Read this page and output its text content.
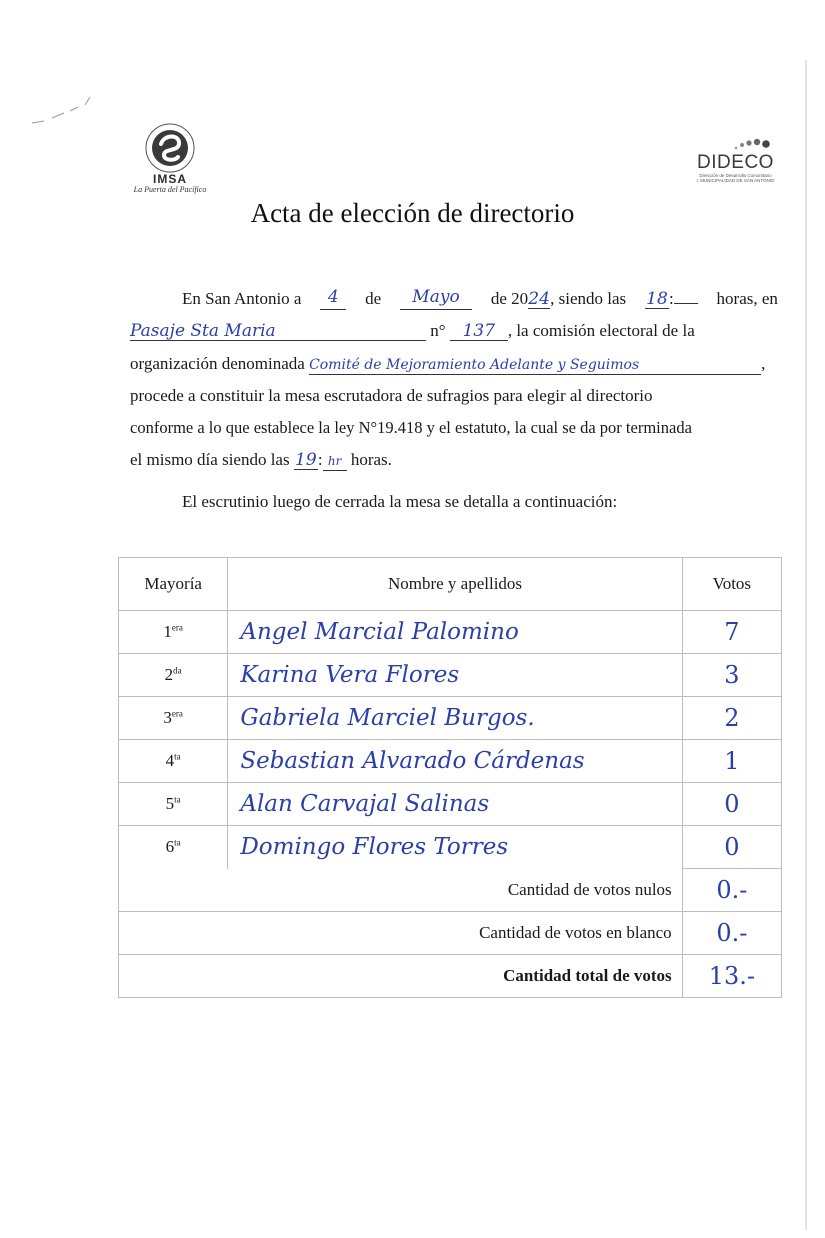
IMSA
La Puerta del Pacífico
DIDECO
Dirección de Desarrollo Comunitario
I. MUNICIPALIDAD DE SAN ANTONIO
Acta de elección de directorio
En San Antonio a	4	de	Mayo	de 2024, siendo las 18:	horas, en
Pasaje Sta Maria	n° 137 , la comisión electoral de la
organización denominada Comité de Mejoramiento Adelante y Seguimos	,
procede a constituir la mesa escrutadora de sufragios para elegir al directorio
conforme a lo que establece la ley N°19.418 y el estatuto, la cual se da por terminada
el mismo día siendo las 19: hr horas.
El escrutinio luego de cerrada la mesa se detalla a continuación:
Mayoría	Nombre y apellidos	Votos
$1^{era}$	Angel Marcial Palomino	7
$2^{da}$	Karina Vera Flores	3
$3^{era}$	Gabriela Marciel Burgos.	2
$4^{ta}$	Sebastian Alvarado Cárdenas	1
$5^{ta}$	Alan Carvajal Salinas	0
$6^{ta}$	Domingo Flores Torres	0
Cantidad de votos nulos		0.-
Cantidad de votos en blanco		0.-
Cantidad total de votos		13.-
